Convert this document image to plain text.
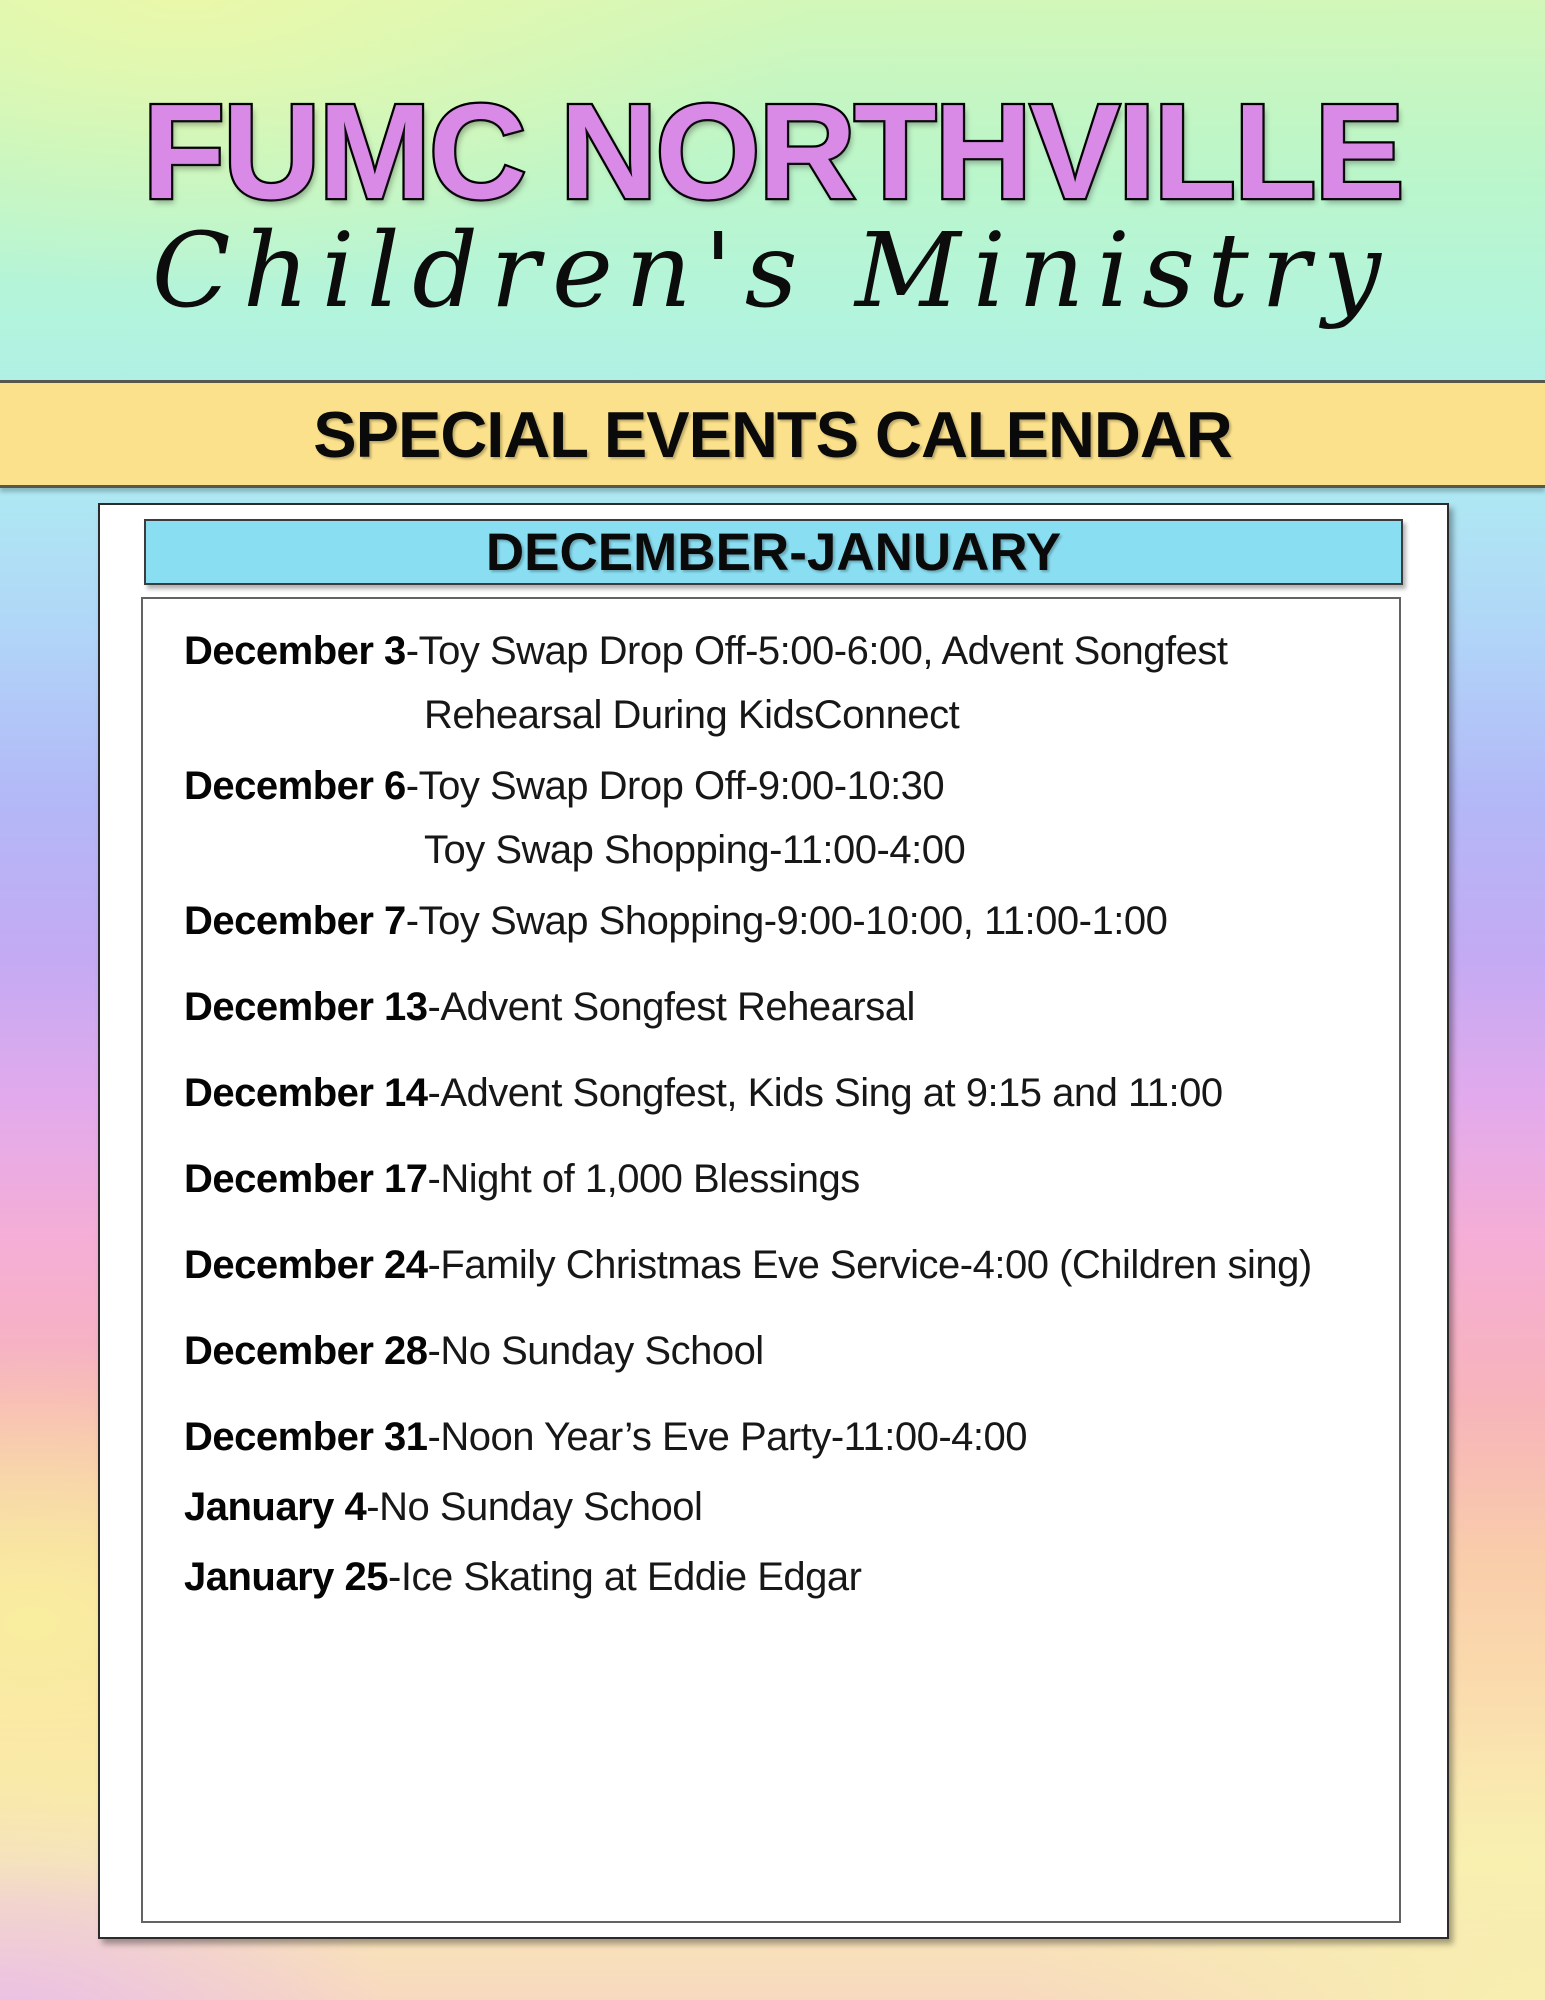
FUMC NORTHVILLE
Children's Ministry
SPECIAL EVENTS CALENDAR
DECEMBER-JANUARY
December 3-Toy Swap Drop Off-5:00-6:00, Advent Songfest
Rehearsal During KidsConnect
December 6-Toy Swap Drop Off-9:00-10:30
Toy Swap Shopping-11:00-4:00
December 7-Toy Swap Shopping-9:00-10:00, 11:00-1:00
December 13-Advent Songfest Rehearsal
December 14-Advent Songfest, Kids Sing at 9:15 and 11:00
December 17-Night of 1,000 Blessings
December 24-Family Christmas Eve Service-4:00 (Children sing)
December 28-No Sunday School
December 31-Noon Year’s Eve Party-11:00-4:00
January 4-No Sunday School
January 25-Ice Skating at Eddie Edgar
